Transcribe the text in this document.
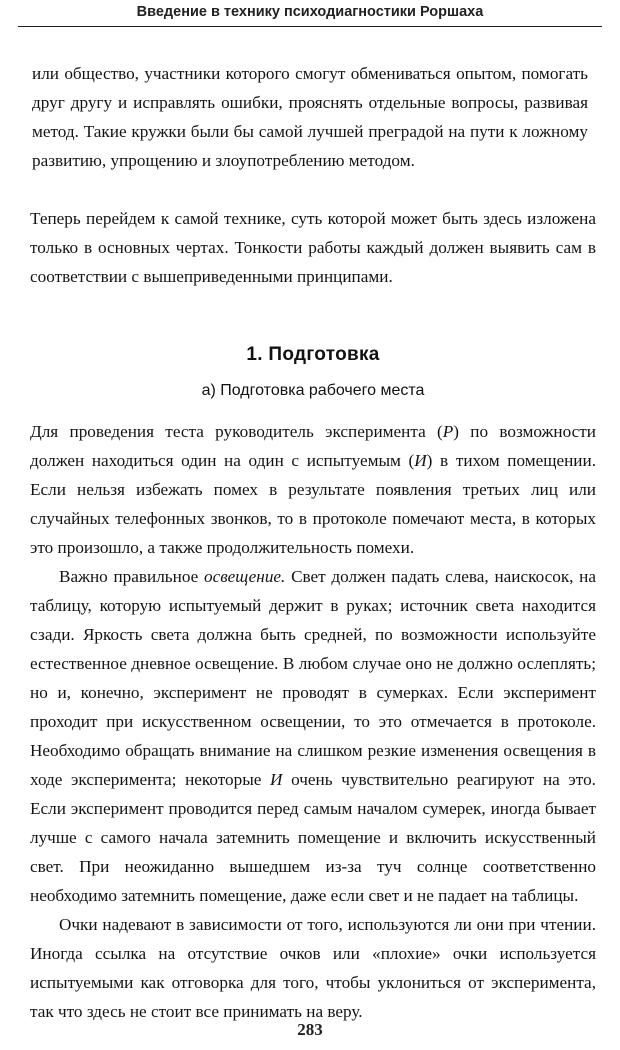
Введение в технику психодиагностики Роршаха

или общество, участники которого смогут обмениваться опытом, помогать друг другу и исправлять ошибки, прояснять отдельные вопросы, развивая метод. Такие кружки были бы самой лучшей преградой на пути к ложному развитию, упрощению и злоупотреблению методом.

Теперь перейдем к самой технике, суть которой может быть здесь изложена только в основных чертах. Тонкости работы каждый должен выявить сам в соответствии с вышеприведенными принципами.

1. Подготовка
а) Подготовка рабочего места

Для проведения теста руководитель эксперимента (Р) по возможности должен находиться один на один с испытуемым (И) в тихом помещении. Если нельзя избежать помех в результате появления третьих лиц или случайных телефонных звонков, то в протоколе помечают места, в которых это произошло, а также продолжительность помехи.

Важно правильное освещение. Свет должен падать слева, наискосок, на таблицу, которую испытуемый держит в руках; источник света находится сзади. Яркость света должна быть средней, по возможности используйте естественное дневное освещение. В любом случае оно не должно ослеплять; но и, конечно, эксперимент не проводят в сумерках. Если эксперимент проходит при искусственном освещении, то это отмечается в протоколе. Необходимо обращать внимание на слишком резкие изменения освещения в ходе эксперимента; некоторые И очень чувствительно реагируют на это. Если эксперимент проводится перед самым началом сумерек, иногда бывает лучше с самого начала затемнить помещение и включить искусственный свет. При неожиданно вышедшем из-за туч солнце соответственно необходимо затемнить помещение, даже если свет и не падает на таблицы.

Очки надевают в зависимости от того, используются ли они при чтении. Иногда ссылка на отсутствие очков или «плохие» очки используется испытуемыми как отговорка для того, чтобы уклониться от эксперимента, так что здесь не стоит все принимать на веру.

283
